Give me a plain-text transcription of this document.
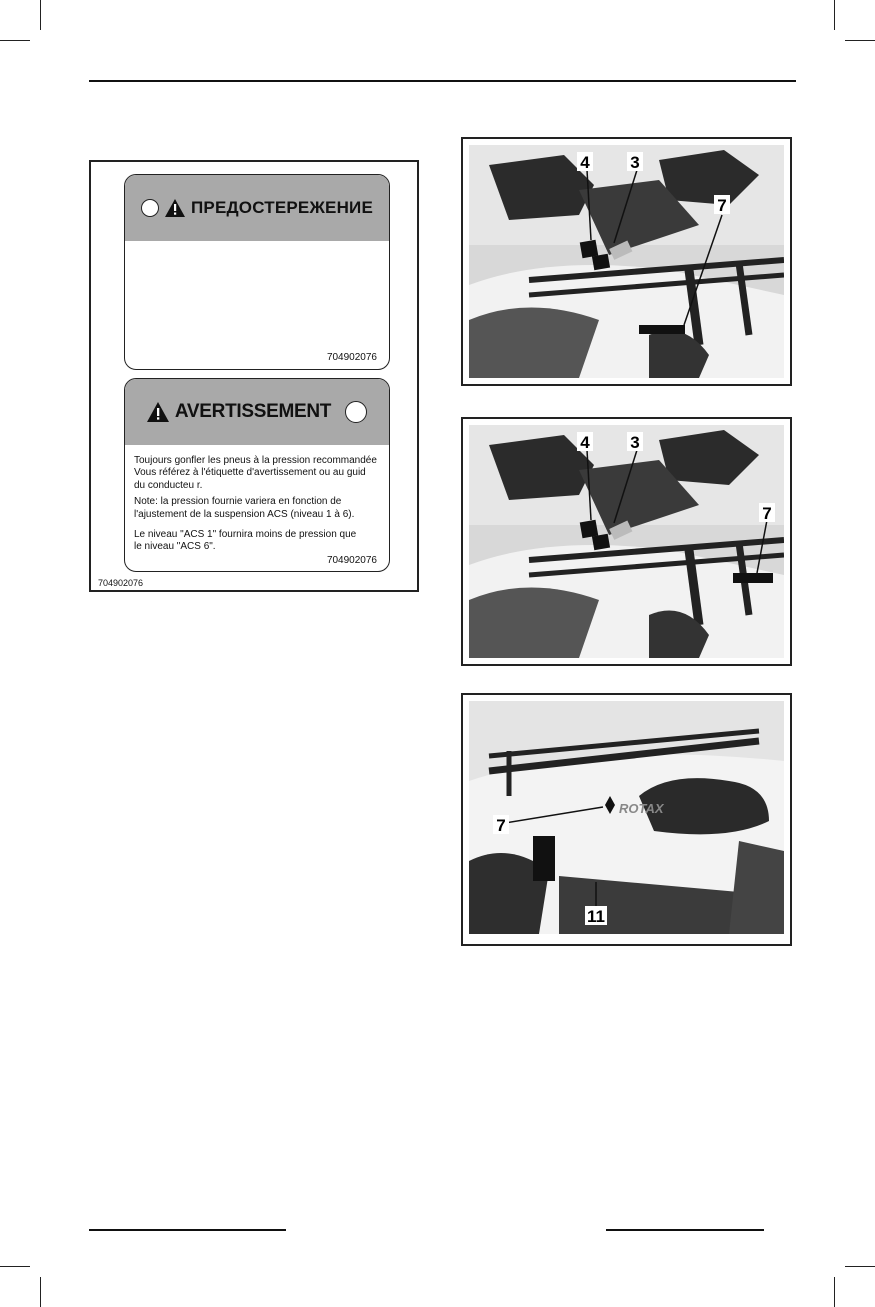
ПРЕДОСТЕРЕЖЕНИЕ
704902076
AVERTISSEMENT

Toujours gonfler les pneus à la pression recommandée
Vous référez à l'étiquette d'avertissement ou au guid
du conducteu r.

Note: la pression fournie variera en fonction de
l'ajustement de la suspension ACS (niveau 1 à 6).

Le niveau "ACS 1" fournira moins de pression que
le niveau "ACS 6".

704902076
704902076
4 3
7
4 3
7
ROTAX
7
11
